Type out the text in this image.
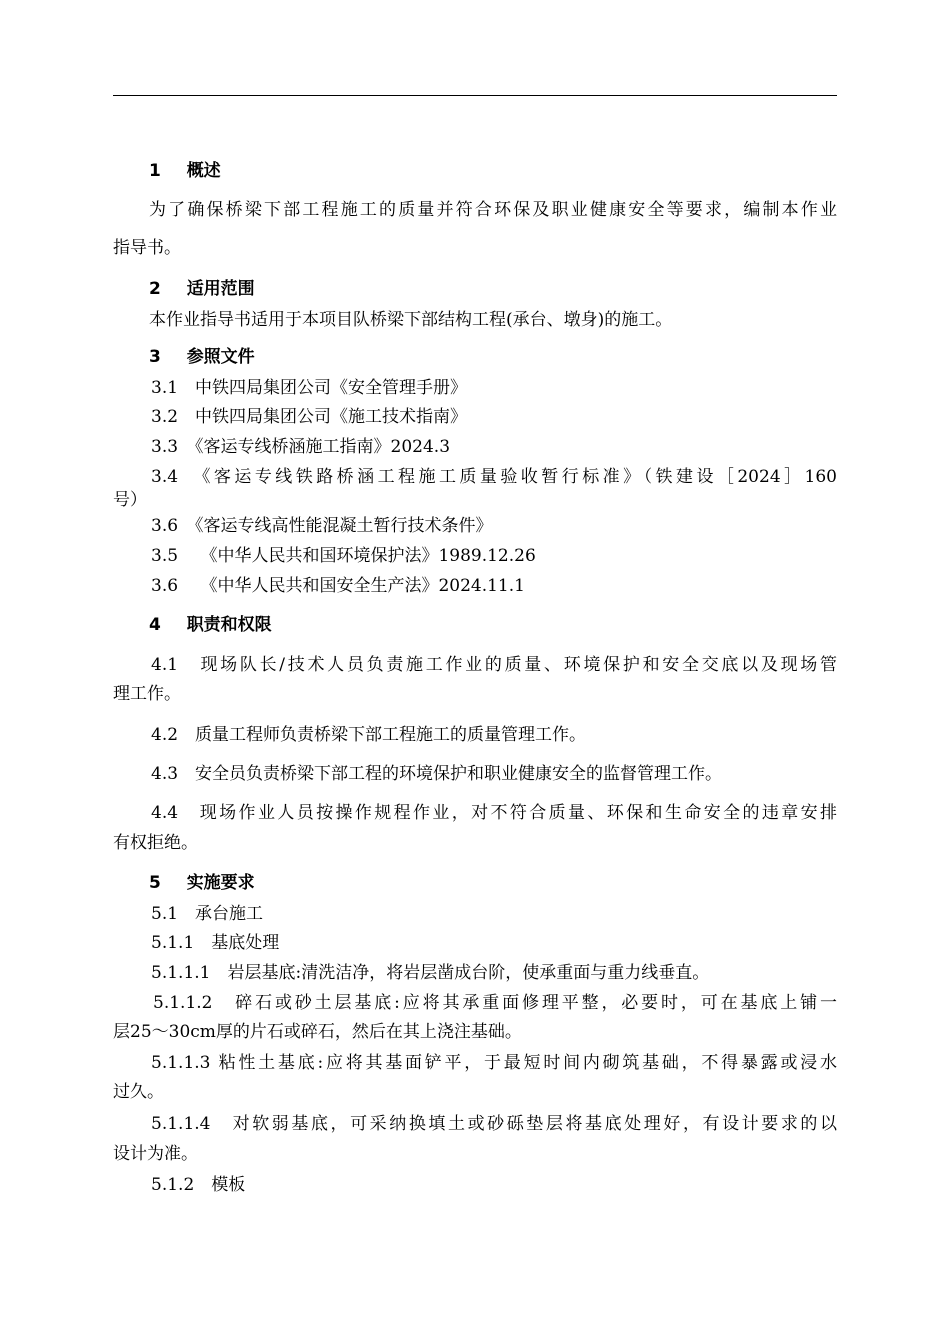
1 概述
为了确保桥梁下部工程施工的质量并符合环保及职业健康安全等要求，编制本作业
指导书。
2 适用范围
本作业指导书适用于本项目队桥梁下部结构工程(承台、墩身)的施工。
3 参照文件
3.1　中铁四局集团公司《安全管理手册》
3.2　中铁四局集团公司《施工技术指南》
3.3　《客运专线桥涵施工指南》2024.3
3.4　《客运专线铁路桥涵工程施工质量验收暂行标准》（铁建设［2024］160
号）
3.6　《客运专线高性能混凝土暂行技术条件》
3.5　 《中华人民共和国环境保护法》1989.12.26
3.6　 《中华人民共和国安全生产法》2024.11.1
4 职责和权限
4.1　现场队长/技术人员负责施工作业的质量、环境保护和安全交底以及现场管
理工作。
4.2　质量工程师负责桥梁下部工程施工的质量管理工作。
4.3　安全员负责桥梁下部工程的环境保护和职业健康安全的监督管理工作。
4.4　现场作业人员按操作规程作业，对不符合质量、环保和生命安全的违章安排
有权拒绝。
5 实施要求
5.1　承台施工
5.1.1　基底处理
5.1.1.1　岩层基底:清洗洁净，将岩层凿成台阶，使承重面与重力线垂直。
5.1.1.2　碎石或砂土层基底:应将其承重面修理平整，必要时，可在基底上铺一
层25～30cm厚的片石或碎石，然后在其上浇注基础。
5.1.1.3 粘性土基底:应将其基面铲平，于最短时间内砌筑基础，不得暴露或浸水
过久。
5.1.1.4　对软弱基底，可采纳换填土或砂砾垫层将基底处理好，有设计要求的以
设计为准。
5.1.2　模板
